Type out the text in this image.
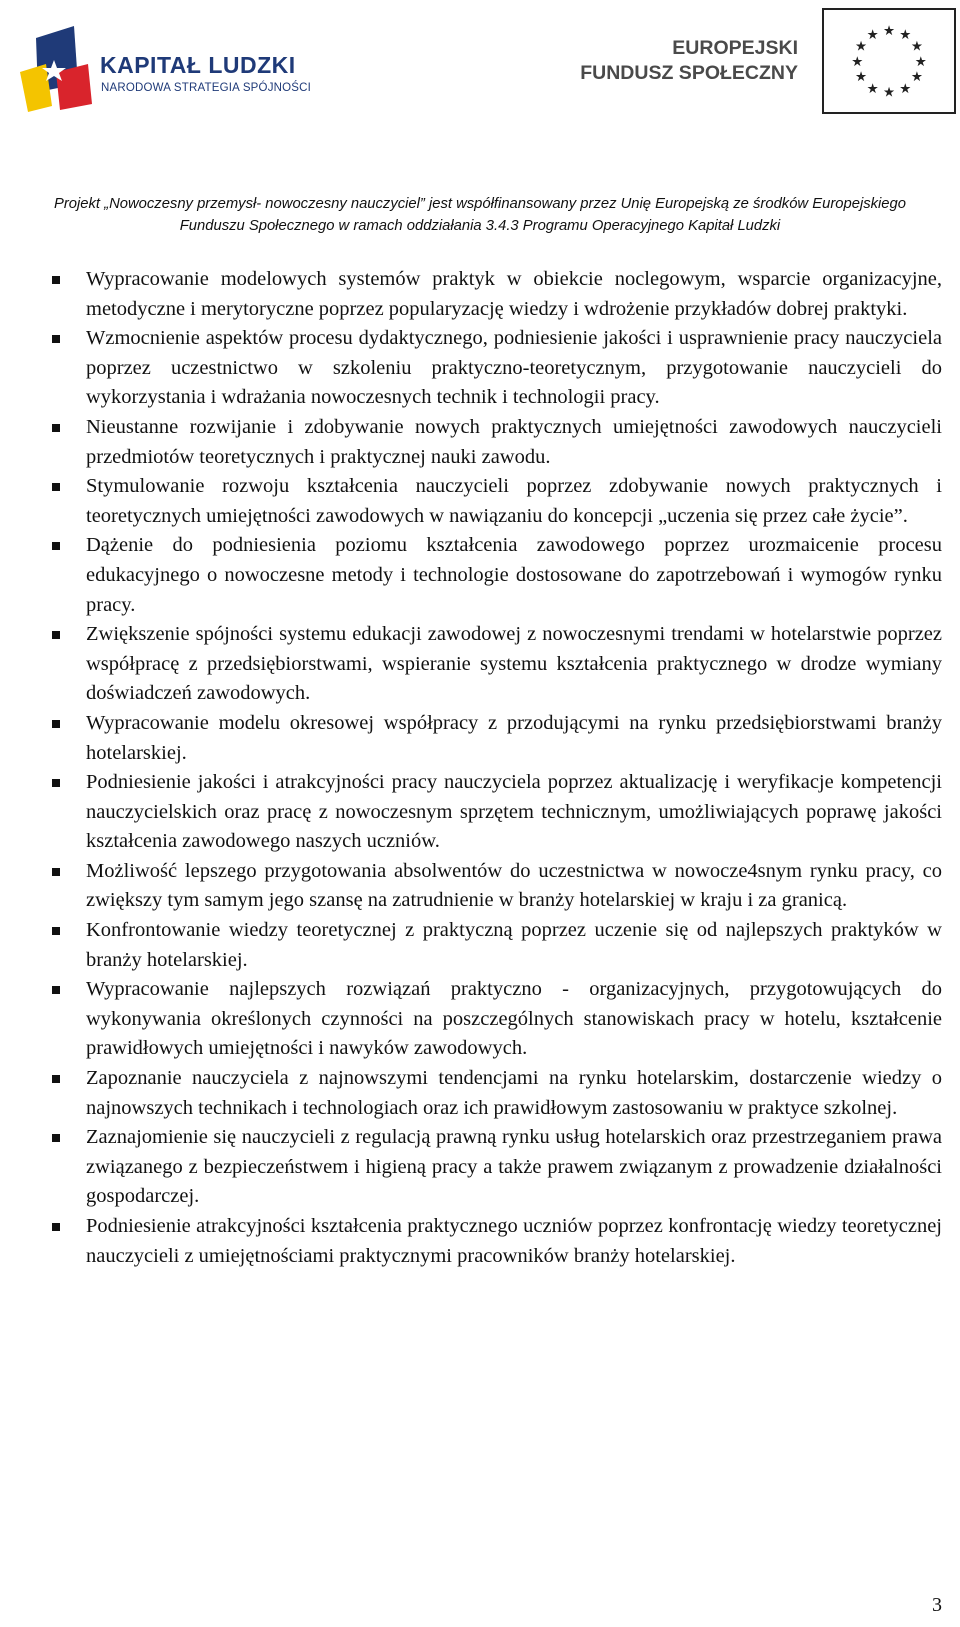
KAPITAŁ LUDZKI
NARODOWA STRATEGIA SPÓJNOŚCI
EUROPEJSKI
FUNDUSZ SPOŁECZNY
★ ★
★
★
★
★
★
★
★
★
★
★
Projekt „Nowoczesny przemysł- nowoczesny nauczyciel” jest współfinansowany przez Unię Europejską ze środków Europejskiego
Funduszu Społecznego w ramach oddziałania 3.4.3 Programu Operacyjnego Kapitał Ludzki
Wypracowanie modelowych systemów praktyk w obiekcie noclegowym, wsparcie organizacyjne, metodyczne i merytoryczne poprzez popularyzację wiedzy i wdrożenie przykładów dobrej praktyki.
Wzmocnienie aspektów procesu dydaktycznego, podniesienie jakości i usprawnienie pracy nauczyciela poprzez uczestnictwo w szkoleniu praktyczno-teoretycznym, przygotowanie nauczycieli do wykorzystania i wdrażania nowoczesnych technik i technologii pracy.
Nieustanne rozwijanie i zdobywanie nowych praktycznych umiejętności zawodowych nauczycieli przedmiotów teoretycznych i praktycznej nauki zawodu.
Stymulowanie rozwoju kształcenia nauczycieli poprzez zdobywanie nowych praktycznych i teoretycznych umiejętności zawodowych w nawiązaniu do koncepcji „uczenia się przez całe życie”.
Dążenie do podniesienia poziomu kształcenia zawodowego poprzez urozmaicenie procesu edukacyjnego o nowoczesne metody i technologie dostosowane do zapotrzebowań i wymogów rynku pracy.
Zwiększenie spójności systemu edukacji zawodowej z nowoczesnymi trendami w hotelarstwie poprzez współpracę z przedsiębiorstwami, wspieranie systemu kształcenia praktycznego w drodze wymiany doświadczeń zawodowych.
Wypracowanie modelu okresowej współpracy z przodującymi na rynku przedsiębiorstwami branży hotelarskiej.
Podniesienie jakości i atrakcyjności pracy nauczyciela poprzez aktualizację i weryfikacje kompetencji nauczycielskich oraz pracę z nowoczesnym sprzętem technicznym, umożliwiających poprawę jakości kształcenia zawodowego naszych uczniów.
Możliwość lepszego przygotowania absolwentów do uczestnictwa w nowocze4snym rynku pracy, co zwiększy tym samym jego szansę na zatrudnienie w branży hotelarskiej w kraju i za granicą.
Konfrontowanie wiedzy teoretycznej z praktyczną poprzez uczenie się od najlepszych praktyków w branży hotelarskiej.
Wypracowanie najlepszych rozwiązań praktyczno - organizacyjnych, przygotowujących do wykonywania określonych czynności na poszczególnych stanowiskach pracy w hotelu, kształcenie prawidłowych umiejętności i nawyków zawodowych.
Zapoznanie nauczyciela z najnowszymi tendencjami na rynku hotelarskim, dostarczenie wiedzy o najnowszych technikach i technologiach oraz ich prawidłowym zastosowaniu w praktyce szkolnej.
Zaznajomienie się nauczycieli z regulacją prawną rynku usług hotelarskich oraz przestrzeganiem prawa związanego z bezpieczeństwem i higieną pracy a także prawem związanym z prowadzenie działalności gospodarczej.
Podniesienie atrakcyjności kształcenia praktycznego uczniów poprzez konfrontację wiedzy teoretycznej nauczycieli z umiejętnościami praktycznymi pracowników branży hotelarskiej.
3
